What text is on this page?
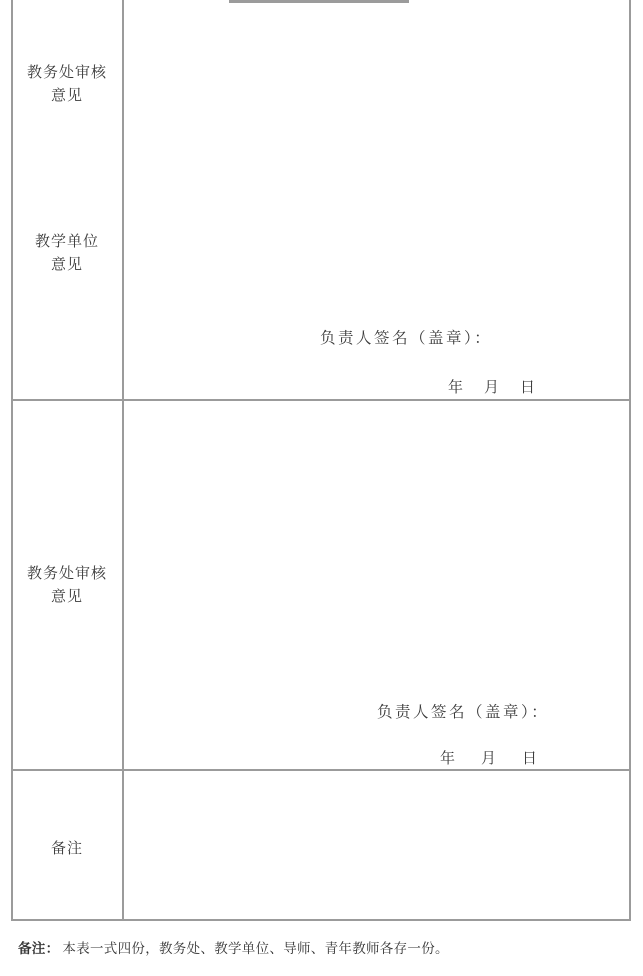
教务处审核
意见
教学单位
意见
教务处审核
意见
备注
负责人签名（盖章）：
年 月 日
负责人签名（盖章）：
年 月 日
备注： 本表一式四份，教务处、教学单位、导师、青年教师各存一份。
